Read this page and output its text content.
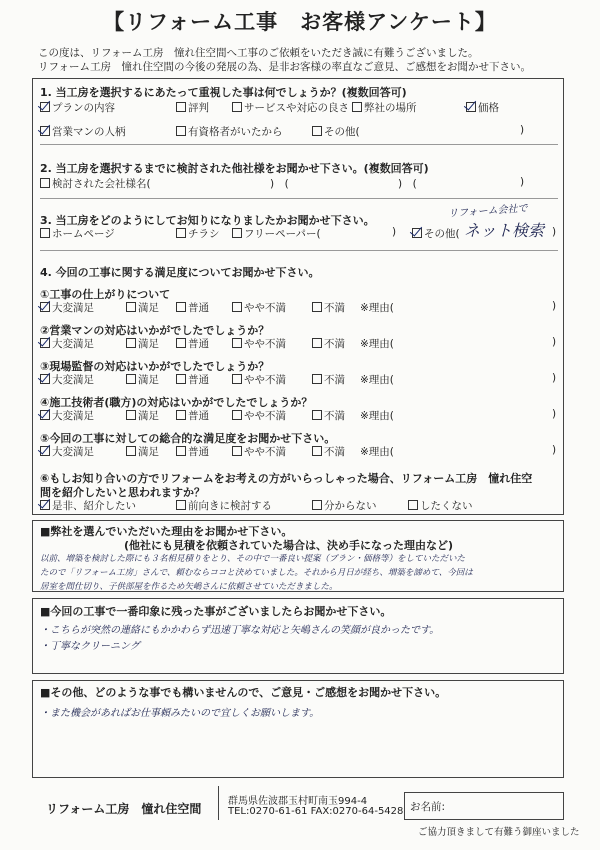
【リフォーム工事　お客様アンケート】
この度は、リフォーム工房　憧れ住空間へ工事のご依頼をいただき誠に有難うございました。
リフォーム工房　憧れ住空間の今後の発展の為、是非お客様の率直なご意見、ご感想をお聞かせ下さい。
1. 当工房を選択するにあたって重視した事は何でしょうか？(複数回答可)
プランの内容	評判	サービスや対応の良さ	弊社の場所	価格
営業マンの人柄	有資格者がいたから	その他(	)
2. 当工房を選択するまでに検討された他社様をお聞かせ下さい。(複数回答可)
検討された会社様名(	)　(	)　(	)
3. 当工房をどのようにしてお知りになりましたかお聞かせ下さい。
リフォーム会社で
ホームページ	チラシ	フリーペーパー(	)	その他( ネット検索 )
4. 今回の工事に関する満足度についてお聞かせ下さい。
①工事の仕上がりについて
大変満足	満足	普通	やや不満	不満 ※理由(	)
②営業マンの対応はいかがでしたでしょうか？
大変満足	満足	普通	やや不満	不満 ※理由(	)
③現場監督の対応はいかがでしたでしょうか？
大変満足	満足	普通	やや不満	不満 ※理由(	)
④施工技術者(職方)の対応はいかがでしたでしょうか？
大変満足	満足	普通	やや不満	不満 ※理由(	)
⑤今回の工事に対しての総合的な満足度をお聞かせ下さい。
大変満足	満足	普通	やや不満	不満 ※理由(	)
⑥もしお知り合いの方でリフォームをお考えの方がいらっしゃった場合、リフォーム工房　憧れ住空
間を紹介したいと思われますか？
是非、紹介したい	前向きに検討する	分からない	したくない
■弊社を選んでいただいた理由をお聞かせ下さい。
(他社にも見積を依頼されていた場合は、決め手になった理由など)
以前、増築を検討した際にも３名相見積りをとり、その中で一番良い提案（プラン・価格等）をしていただいた
たので「リフォーム工房」さんで、頼むならココと決めていました。それから月日が経ち、増築を諦めて、今回は
居室を間仕切り、子供部屋を作るため矢嶋さんに依頼させていただきました。
■今回の工事で一番印象に残った事がございましたらお聞かせ下さい。
・こちらが突然の連絡にもかかわらず迅速丁寧な対応と矢嶋さんの笑顔が良かったです。
・丁寧なクリーニング
■その他、どのような事でも構いませんので、ご意見・ご感想をお聞かせ下さい。
・また機会があればお仕事頼みたいので宜しくお願いします。
リフォーム工房　憧れ住空間
群馬県佐波郡玉村町南玉994-4
TEL:0270-61-61 FAX:0270-64-5428 お名前:
ご協力頂きまして有難う御座いました
